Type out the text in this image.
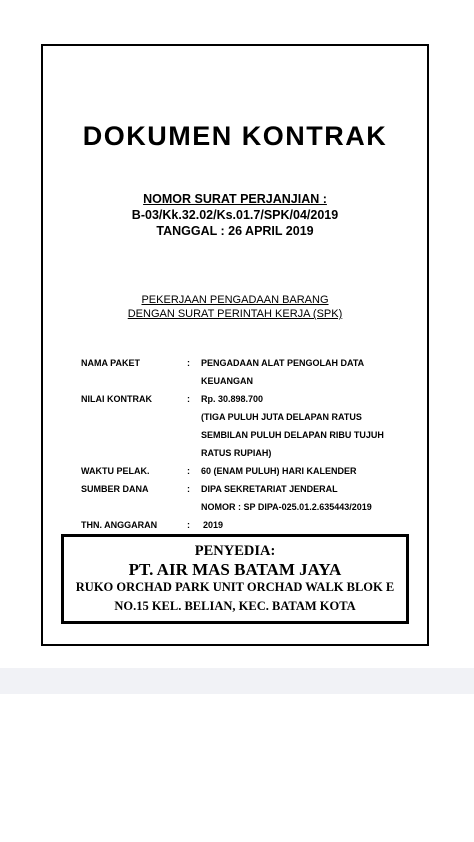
DOKUMEN KONTRAK
NOMOR SURAT PERJANJIAN :
B-03/Kk.32.02/Ks.01.7/SPK/04/2019
TANGGAL : 26 APRIL 2019
PEKERJAAN PENGADAAN BARANG
DENGAN SURAT PERINTAH KERJA (SPK)
NAMA PAKET	: PENGADAAN ALAT PENGOLAH DATA
KEUANGAN
NILAI KONTRAK	: Rp. 30.898.700
(TIGA PULUH JUTA DELAPAN RATUS
SEMBILAN PULUH DELAPAN RIBU TUJUH
RATUS RUPIAH)
WAKTU PELAK.	: 60 (ENAM PULUH) HARI KALENDER
SUMBER DANA	: DIPA SEKRETARIAT JENDERAL
NOMOR : SP DIPA-025.01.2.635443/2019
THN. ANGGARAN	: 2019
PENYEDIA:
PT. AIR MAS BATAM JAYA
RUKO ORCHAD PARK UNIT ORCHAD WALK BLOK E
NO.15 KEL. BELIAN, KEC. BATAM KOTA
